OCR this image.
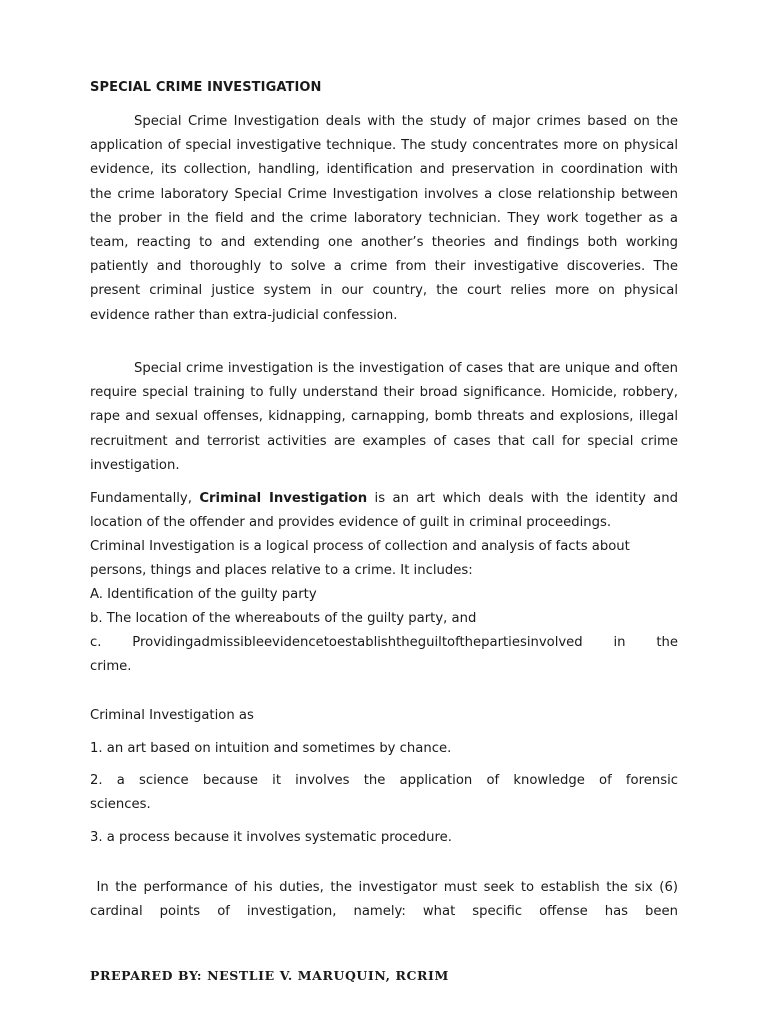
SPECIAL CRIME INVESTIGATION
Special Crime Investigation deals with the study of major crimes based on the application of special investigative technique. The study concentrates more on physical evidence, its collection, handling, identification and preservation in coordination with the crime laboratory Special Crime Investigation involves a close relationship between the prober in the field and the crime laboratory technician. They work together as a team, reacting to and extending one another’s theories and findings both working patiently and thoroughly to solve a crime from their investigative discoveries. The present criminal justice system in our country, the court relies more on physical evidence rather than extra-judicial confession.
Special crime investigation is the investigation of cases that are unique and often require special training to fully understand their broad significance. Homicide, robbery, rape and sexual offenses, kidnapping, carnapping, bomb threats and explosions, illegal recruitment and terrorist activities are examples of cases that call for special crime investigation.
Fundamentally, Criminal Investigation is an art which deals with the identity and location of the offender and provides evidence of guilt in criminal proceedings.
Criminal Investigation is a logical process of collection and analysis of facts about persons, things and places relative to a crime. It includes:
A. Identification of the guilty party
b. The location of the whereabouts of the guilty party, and
c. Providingadmissibleevidencetoestablishtheguiltofthepartiesinvolved in the
crime.
Criminal Investigation as
1. an art based on intuition and sometimes by chance.
2. a science because it involves the application of knowledge of forensic
sciences.
3. a process because it involves systematic procedure.
In the performance of his duties, the investigator must seek to establish the six (6)
cardinal points of investigation, namely: what specific offense has been
PREPARED BY: NESTLIE V. MARUQUIN, RCRIM
